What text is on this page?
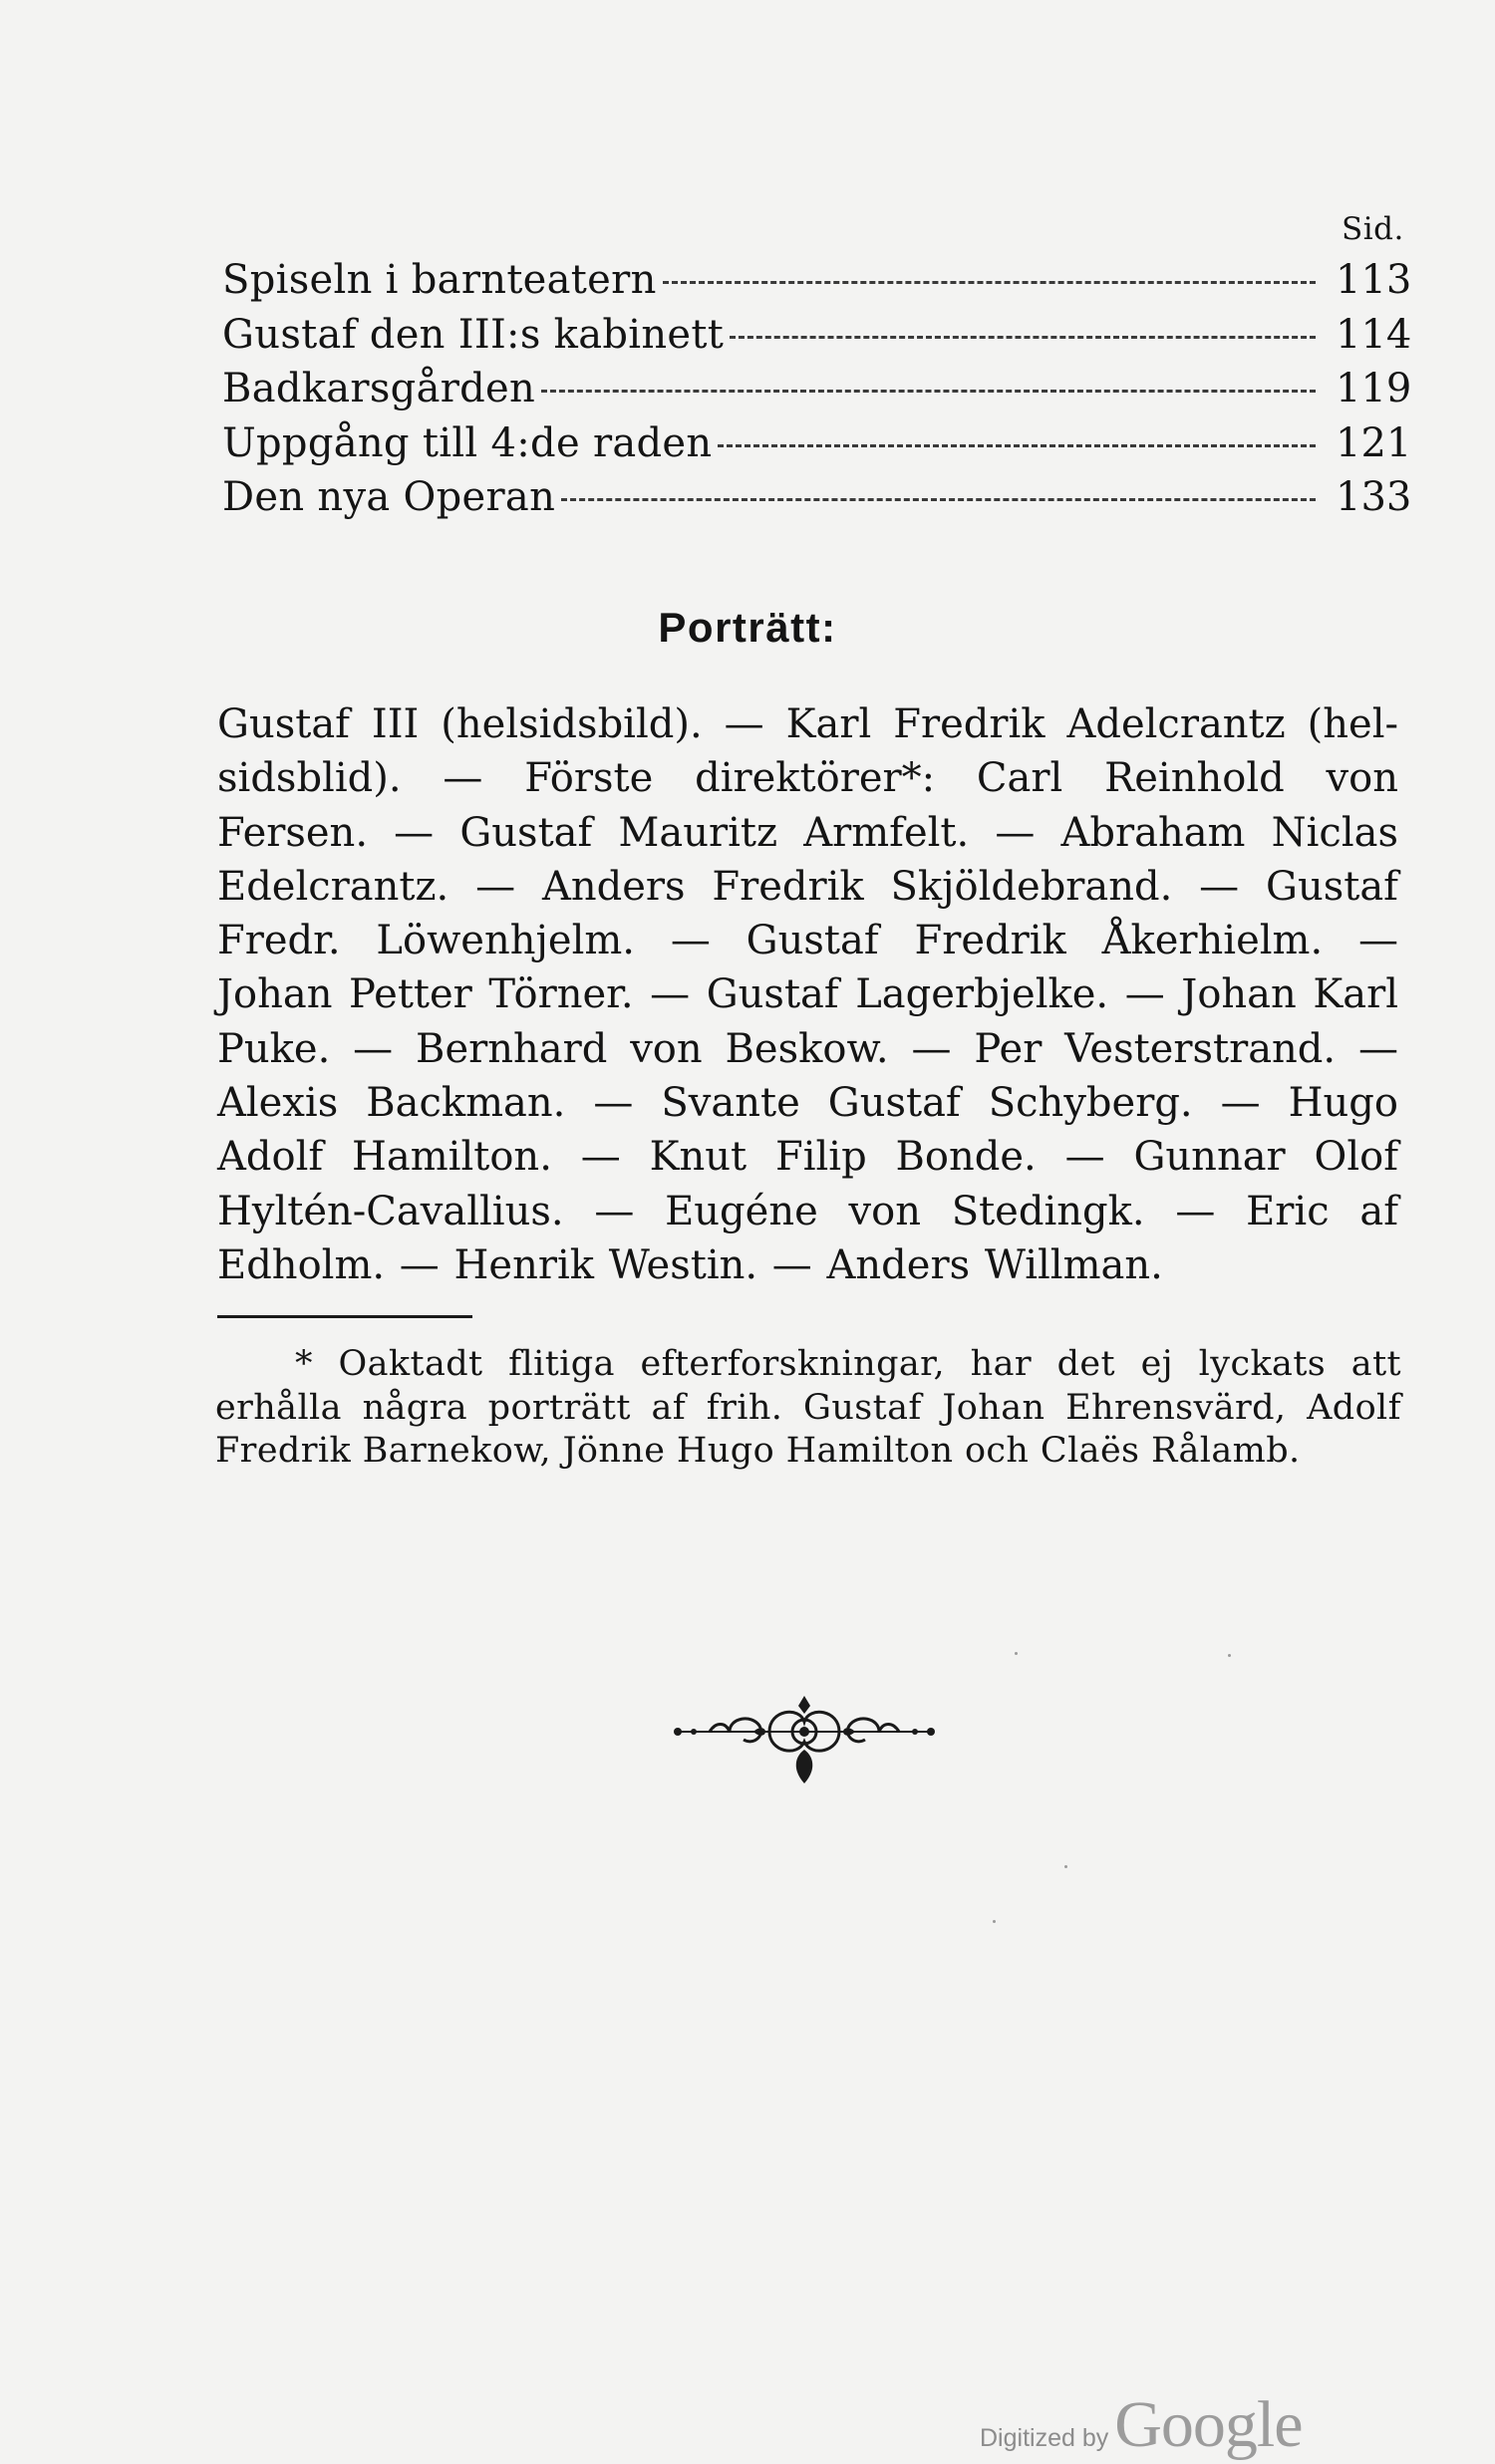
Sid.
Spiseln i barnteatern	113
Gustaf den III:s kabinett	114
Badkarsgården	119
Uppgång till 4:de raden	121
Den nya Operan	133
Porträtt:
Gustaf III (helsidsbild). — Karl Fredrik Adelcrantz (helsidsblid). — Förste direktörer*: Carl Reinhold von Fersen. — Gustaf Mauritz Armfelt. — Abraham Niclas Edelcrantz. — Anders Fredrik Skjöldebrand. — Gustaf Fredr. Löwenhjelm. — Gustaf Fredrik Åkerhielm. — Johan Petter Törner. — Gustaf Lagerbjelke. — Johan Karl Puke. — Bernhard von Beskow. — Per Vesterstrand. — Alexis Backman. — Svante Gustaf Schyberg. — Hugo Adolf Hamilton. — Knut Filip Bonde. — Gunnar Olof Hyltén-Cavallius. — Eugéne von Stedingk. — Eric af Edholm. — Henrik Westin. — Anders Willman.
* Oaktadt flitiga efterforskningar, har det ej lyckats att erhålla några porträtt af frih. Gustaf Johan Ehrensvärd, Adolf Fredrik Barnekow, Jönne Hugo Hamilton och Claës Rålamb.
Digitized by Google
